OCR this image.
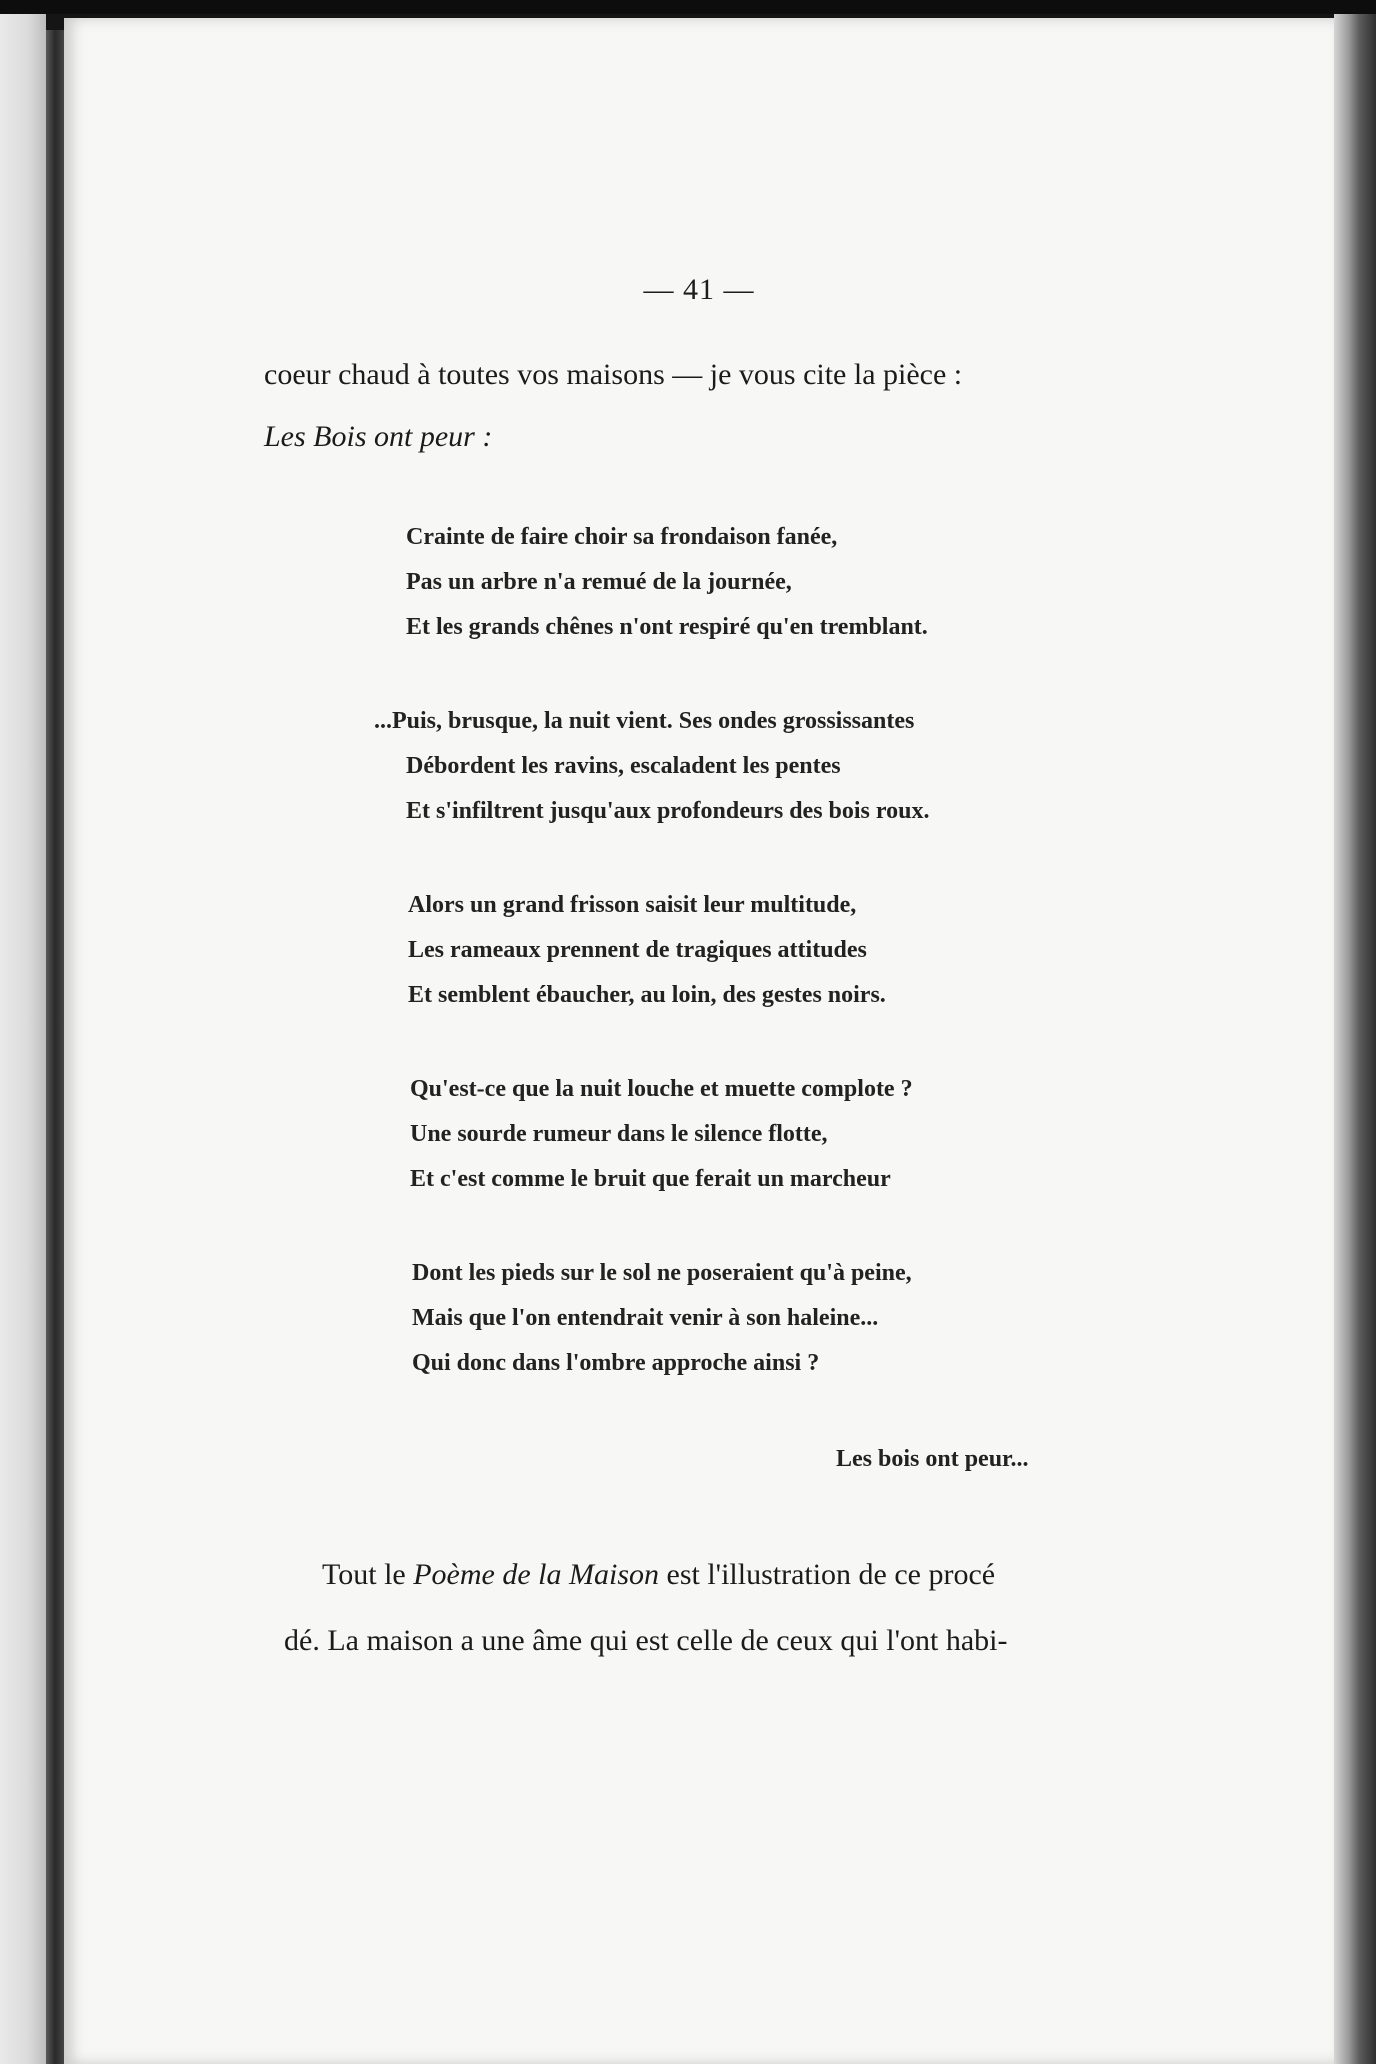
— 41 —
coeur chaud à toutes vos maisons — je vous cite la pièce :
Les Bois ont peur :
Crainte de faire choir sa frondaison fanée,
Pas un arbre n'a remué de la journée,
Et les grands chênes n'ont respiré qu'en tremblant.
...Puis, brusque, la nuit vient. Ses ondes grossissantes
Débordent les ravins, escaladent les pentes
Et s'infiltrent jusqu'aux profondeurs des bois roux.
Alors un grand frisson saisit leur multitude,
Les rameaux prennent de tragiques attitudes
Et semblent ébaucher, au loin, des gestes noirs.
Qu'est-ce que la nuit louche et muette complote ?
Une sourde rumeur dans le silence flotte,
Et c'est comme le bruit que ferait un marcheur
Dont les pieds sur le sol ne poseraient qu'à peine,
Mais que l'on entendrait venir à son haleine...
Qui donc dans l'ombre approche ainsi ?
Les bois ont peur...
Tout le Poème de la Maison est l'illustration de ce procé
dé. La maison a une âme qui est celle de ceux qui l'ont habi-
